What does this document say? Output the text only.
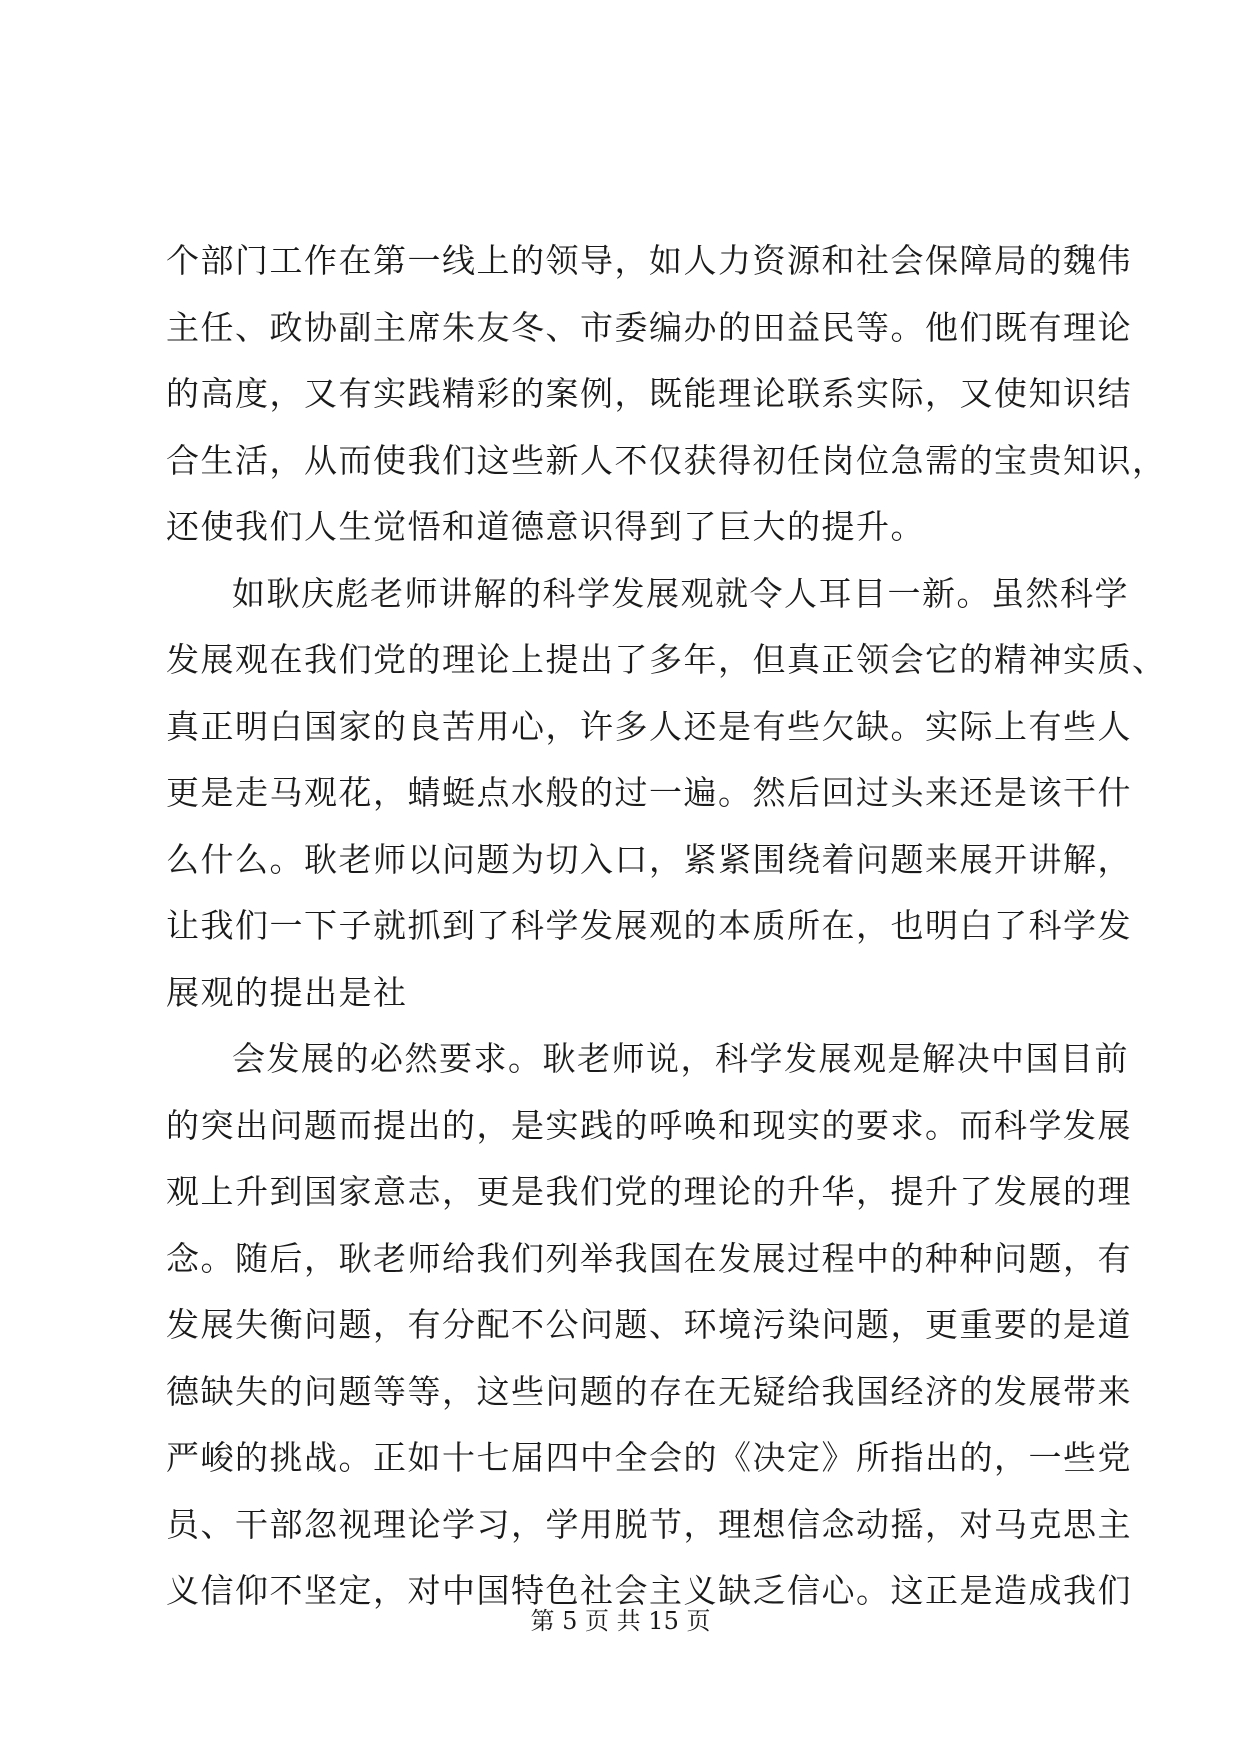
个部门工作在第一线上的领导，如人力资源和社会保障局的魏伟
主任、政协副主席朱友冬、市委编办的田益民等。他们既有理论
的高度，又有实践精彩的案例，既能理论联系实际，又使知识结
合生活，从而使我们这些新人不仅获得初任岗位急需的宝贵知识，
还使我们人生觉悟和道德意识得到了巨大的提升。
如耿庆彪老师讲解的科学发展观就令人耳目一新。虽然科学
发展观在我们党的理论上提出了多年，但真正领会它的精神实质、
真正明白国家的良苦用心，许多人还是有些欠缺。实际上有些人
更是走马观花，蜻蜓点水般的过一遍。然后回过头来还是该干什
么什么。耿老师以问题为切入口，紧紧围绕着问题来展开讲解，
让我们一下子就抓到了科学发展观的本质所在，也明白了科学发
展观的提出是社
会发展的必然要求。耿老师说，科学发展观是解决中国目前
的突出问题而提出的，是实践的呼唤和现实的要求。而科学发展
观上升到国家意志，更是我们党的理论的升华，提升了发展的理
念。随后，耿老师给我们列举我国在发展过程中的种种问题，有
发展失衡问题，有分配不公问题、环境污染问题，更重要的是道
德缺失的问题等等，这些问题的存在无疑给我国经济的发展带来
严峻的挑战。正如十七届四中全会的《决定》所指出的，一些党
员、干部忽视理论学习，学用脱节，理想信念动摇，对马克思主
义信仰不坚定，对中国特色社会主义缺乏信心。这正是造成我们
第 5 页 共 15 页
